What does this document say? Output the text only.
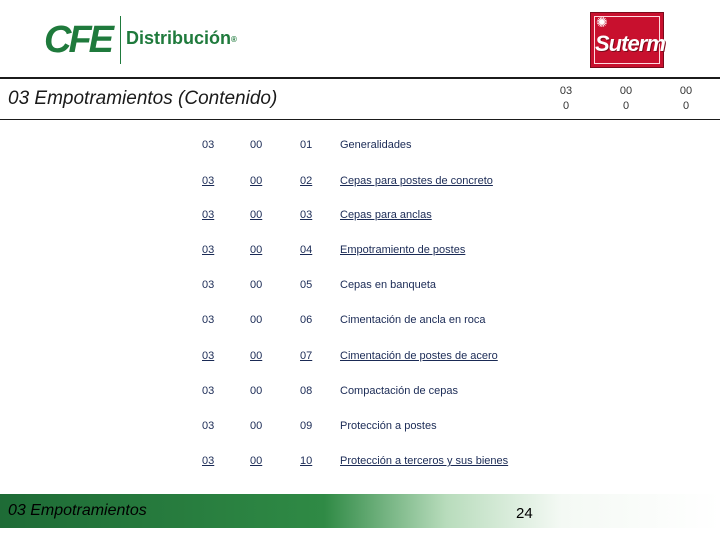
CFE Distribución®
✺
Suterm
03 Empotramientos (Contenido)	03	00	00
0	0	0
03	00	01	Generalidades
03	00	02	Cepas para postes de concreto
03	00	03	Cepas para anclas
03	00	04	Empotramiento de postes
03	00	05	Cepas en banqueta
03	00	06	Cimentación de ancla en roca
03	00	07	Cimentación de postes de acero
03	00	08	Compactación de cepas
03	00	09	Protección a postes
03	00	10	Protección a terceros y sus bienes
03 Empotramientos	24
